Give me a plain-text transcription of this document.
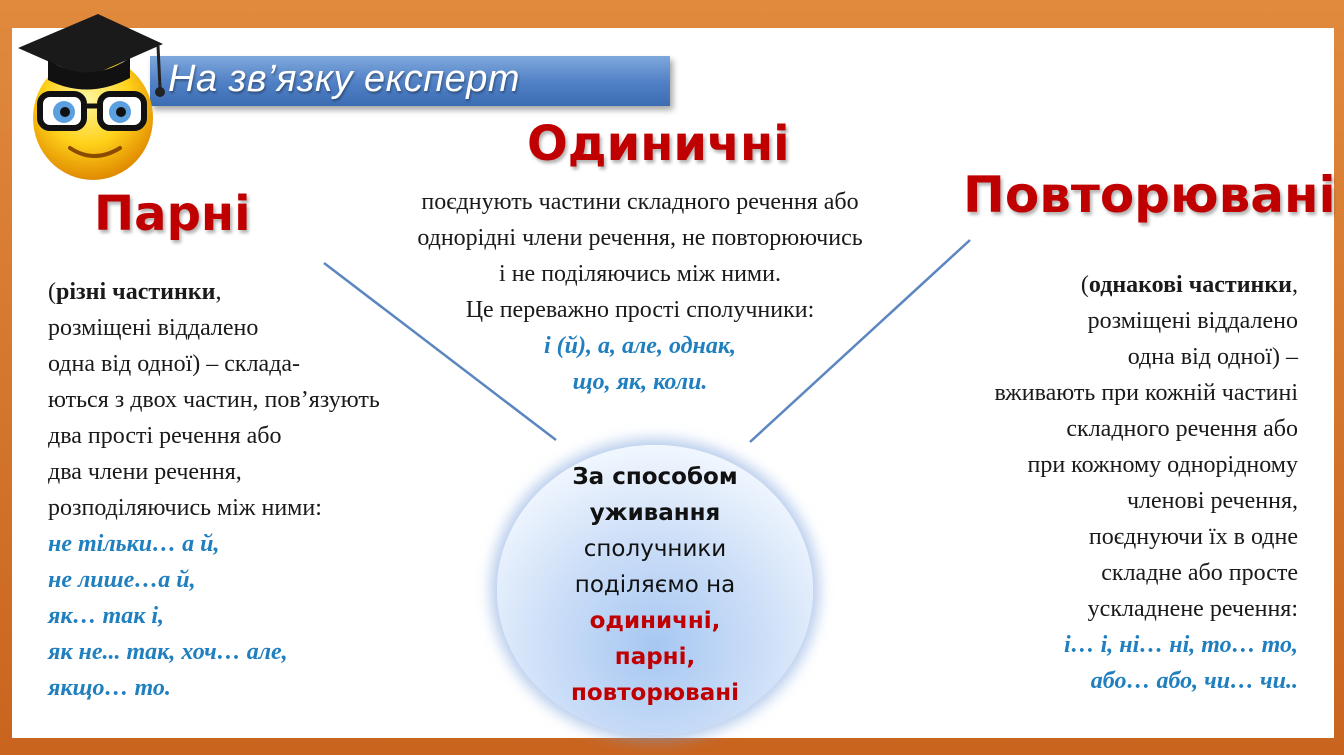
На зв’язку експерт
Одиничні
Парні	Повторювані
поєднують частини складного речення або
однорідні члени речення, не повторюючись
і не поділяючись між ними.
Це переважно прості сполучники:
і (й), а, але, однак,
що, як, коли.
(різні частинки,
розміщені віддалено
одна від одної) – склада-
ються з двох частин, пов’язують
два прості речення або
два члени речення,
розподіляючись між ними:
не тільки… а й,
не лише…а й,
як… так і,
як не... так, хоч… але,
якщо… то.
(однакові частинки,
розміщені віддалено
одна від одної) –
вживають при кожній частині
складного речення або
при кожному однорідному
членові речення,
поєднуючи їх в одне
складне або просте
ускладнене речення:
і… і, ні… ні, то… то,
або… або, чи… чи..
За способом
уживання
сполучники
поділяємо на
одиничні,
парні,
повторювані
